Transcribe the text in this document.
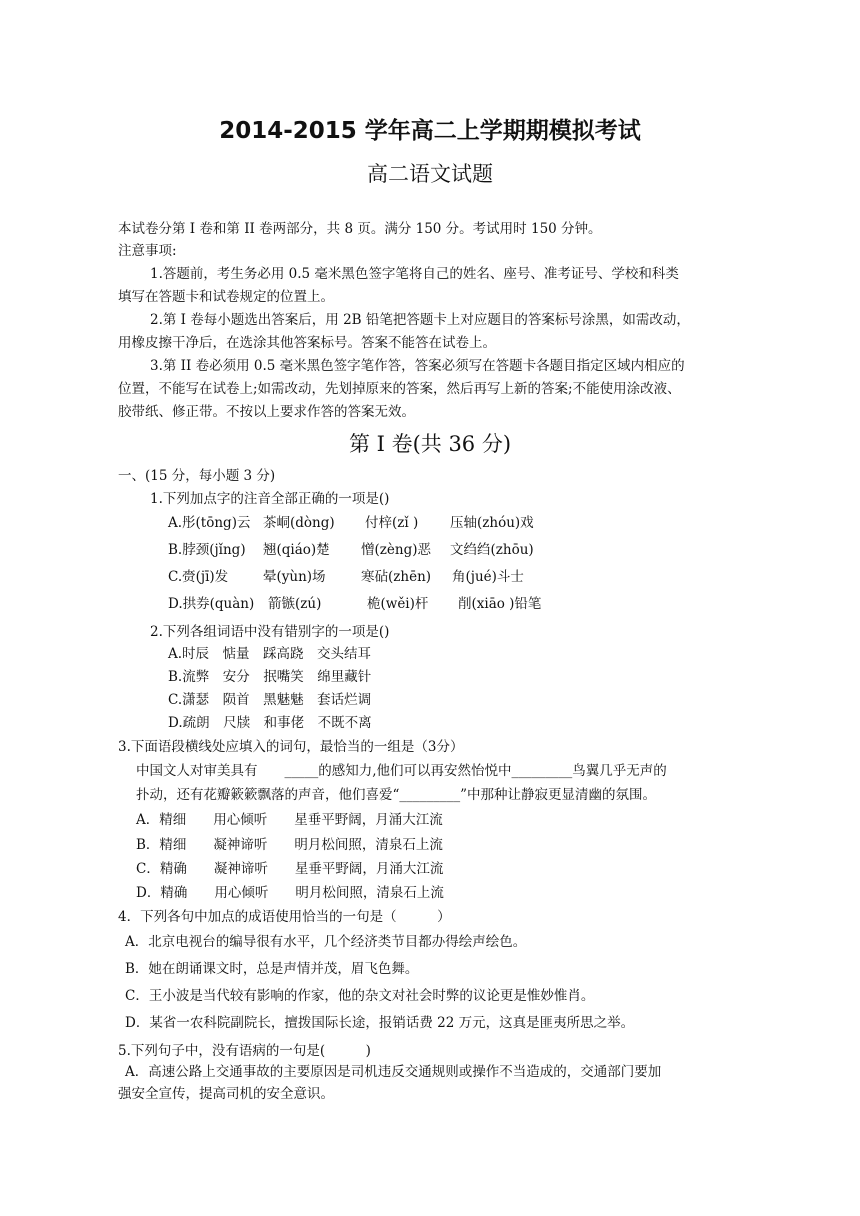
2014-2015 学年高二上学期期模拟考试
高二语文试题
本试卷分第 I 卷和第 II 卷两部分，共 8 页。满分 150 分。考试用时 150 分钟。
注意事项:
1.答题前，考生务必用 0.5 毫米黑色签字笔将自己的姓名、座号、准考证号、学校和科类
填写在答题卡和试卷规定的位置上。
2.第 I 卷每小题选出答案后，用 2B 铅笔把答题卡上对应题目的答案标号涂黑，如需改动，
用橡皮擦干净后，在选涂其他答案标号。答案不能答在试卷上。
3.第 II 卷必须用 0.5 毫米黑色签字笔作答，答案必须写在答题卡各题目指定区域内相应的
位置，不能写在试卷上;如需改动，先划掉原来的答案，然后再写上新的答案;不能使用涂改液、
胶带纸、修正带。不按以上要求作答的答案无效。
第 I 卷(共 36 分)
一、(15 分，每小题 3 分)
1.下列加点字的注音全部正确的一项是()
A.彤(tōng)云 茶峒(dòng) 付梓(zǐ ) 压轴(zhóu)戏
B.脖颈(jǐng) 翘(qiáo)楚 憎(zèng)恶 文绉绉(zhōu)
C.赍(jī)发	晕(yùn)场	寒砧(zhēn) 角(jué)斗士
D.拱券(quàn) 箭镞(zú)	桅(wěi)杆 削(xiāo )铅笔
2.下列各组词语中没有错别字的一项是()
A.时辰　惦量　踩高跷　交头结耳
B.流弊　安分　抿嘴笑　绵里藏针
C.潇瑟　陨首　黑魅魅　套话烂调
D.疏朗　尺牍　和事佬　不既不离
3.下面语段横线处应填入的词句，最恰当的一组是（3分）
中国文人对审美具有　　_____的感知力,他们可以再安然怡悦中_________鸟翼几乎无声的
扑动，还有花瓣簌簌飘落的声音，他们喜爱“_________”中那种让静寂更显清幽的氛围。
A．精细　　用心倾听　　星垂平野阔，月涌大江流
B．精细　　凝神谛听　　明月松间照，清泉石上流
C．精确　　凝神谛听　　星垂平野阔，月涌大江流
D．精确　　用心倾听　　明月松间照，清泉石上流
4．下列各句中加点的成语使用恰当的一句是（　　　）
A．北京电视台的编导很有水平，几个经济类节目都办得绘声绘色。
B．她在朗诵课文时，总是声情并茂，眉飞色舞。
C．王小波是当代较有影响的作家，他的杂文对社会时弊的议论更是惟妙惟肖。
D．某省一农科院副院长，擅拨国际长途，报销话费 22 万元，这真是匪夷所思之举。
5.下列句子中，没有语病的一句是(　　　)
A．高速公路上交通事故的主要原因是司机违反交通规则或操作不当造成的，交通部门要加
强安全宣传，提高司机的安全意识。
